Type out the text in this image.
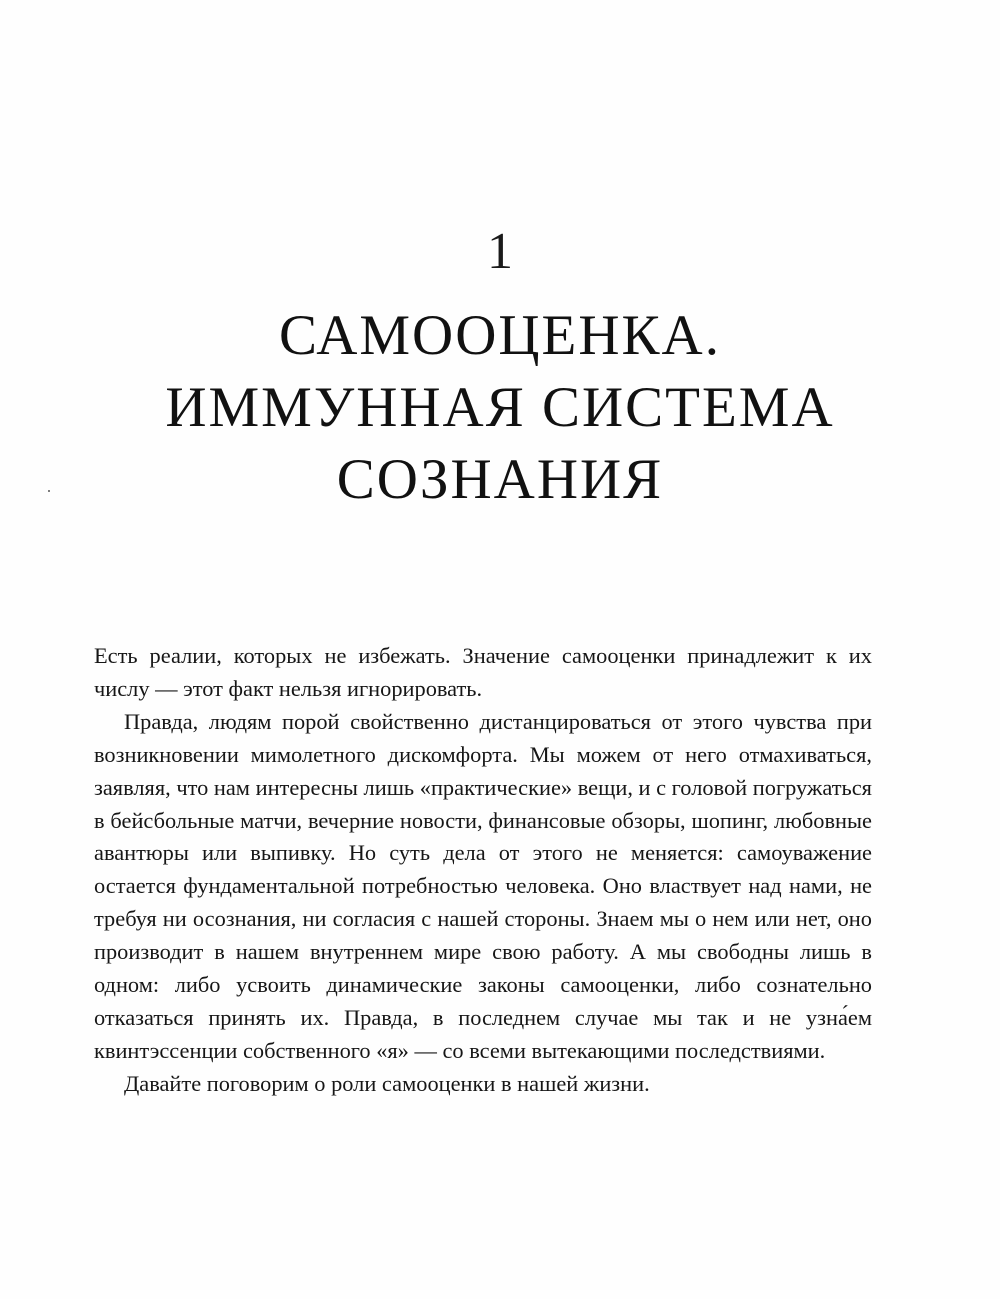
1
САМООЦЕНКА.
ИММУННАЯ СИСТЕМА
СОЗНАНИЯ

Есть реалии, которых не избежать. Значение самооценки принадлежит к их числу — этот факт нельзя игнорировать.

Правда, людям порой свойственно дистанцироваться от этого чувства при возникновении мимолетного дискомфорта. Мы можем от него отмахиваться, заявляя, что нам интересны лишь «практические» вещи, и с головой погружаться в бейсбольные матчи, вечерние новости, финансовые обзоры, шопинг, любовные авантюры или выпивку. Но суть дела от этого не меняется: самоуважение остается фундаментальной потребностью человека. Оно властвует над нами, не требуя ни осознания, ни согласия с нашей стороны. Знаем мы о нем или нет, оно производит в нашем внутреннем мире свою работу. А мы свободны лишь в одном: либо усвоить динамические законы самооценки, либо сознательно отказаться принять их. Правда, в последнем случае мы так и не узна́ем квинтэссенции собственного «я» — со всеми вытекающими последствиями.

Давайте поговорим о роли самооценки в нашей жизни.
